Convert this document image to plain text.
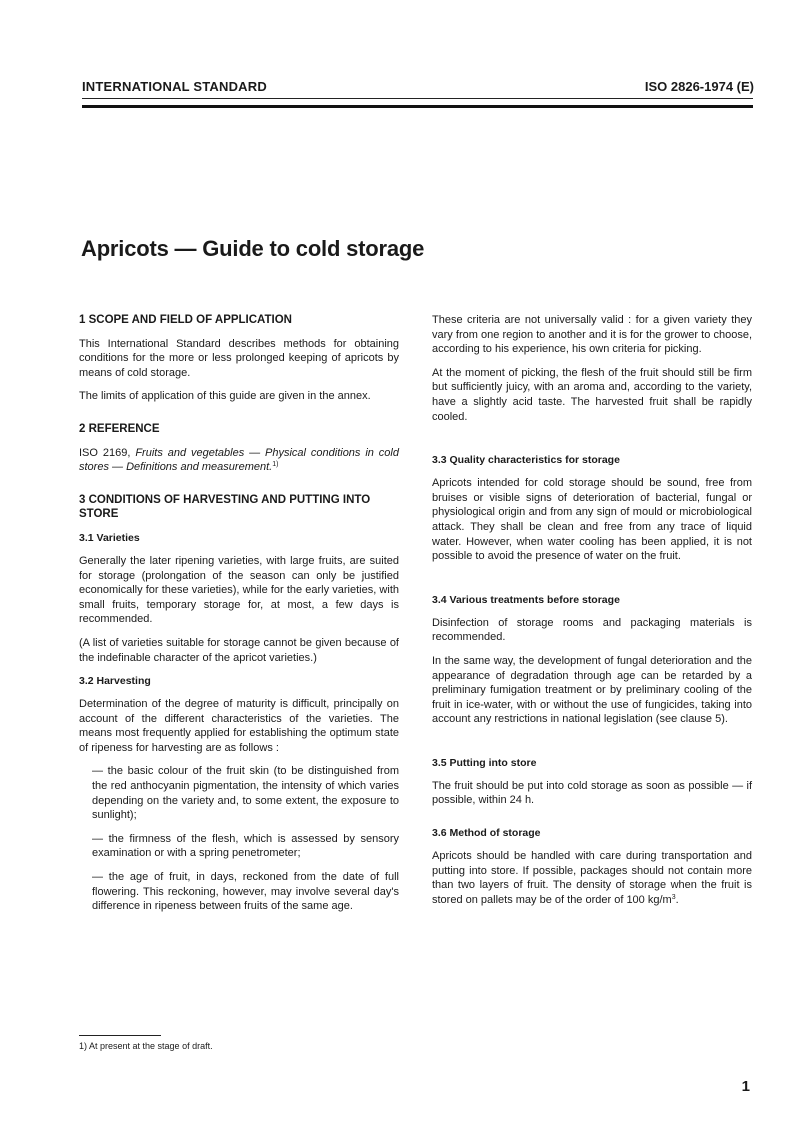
INTERNATIONAL STANDARD	ISO 2826-1974 (E)
Apricots — Guide to cold storage
1 SCOPE AND FIELD OF APPLICATION

This International Standard describes methods for obtaining conditions for the more or less prolonged keeping of apricots by means of cold storage.

The limits of application of this guide are given in the annex.

2 REFERENCE

ISO 2169, Fruits and vegetables — Physical conditions in cold stores — Definitions and measurement.$^{1)}$

3 CONDITIONS OF HARVESTING AND PUTTING INTO STORE
3.1 Varieties

Generally the later ripening varieties, with large fruits, are suited for storage (prolongation of the season can only be justified economically for these varieties), while for the early varieties, with small fruits, temporary storage for, at most, a few days is recommended.

(A list of varieties suitable for storage cannot be given because of the indefinable character of the apricot varieties.)

3.2 Harvesting

Determination of the degree of maturity is difficult, principally on account of the different characteristics of the varieties. The means most frequently applied for establishing the optimum state of ripeness for harvesting are as follows :

— the basic colour of the fruit skin (to be distinguished from the red anthocyanin pigmentation, the intensity of which varies depending on the variety and, to some extent, the exposure to sunlight);

— the firmness of the flesh, which is assessed by sensory examination or with a spring penetrometer;

— the age of fruit, in days, reckoned from the date of full flowering. This reckoning, however, may involve several day's difference in ripeness between fruits of the same age.

These criteria are not universally valid : for a given variety they vary from one region to another and it is for the grower to choose, according to his experience, his own criteria for picking.

At the moment of picking, the flesh of the fruit should still be firm but sufficiently juicy, with an aroma and, according to the variety, have a slightly acid taste. The harvested fruit shall be rapidly cooled.

3.3 Quality characteristics for storage

Apricots intended for cold storage should be sound, free from bruises or visible signs of deterioration of bacterial, fungal or physiological origin and from any sign of mould or microbiological attack. They shall be clean and free from any trace of liquid water. However, when water cooling has been applied, it is not possible to avoid the presence of water on the fruit.

3.4 Various treatments before storage

Disinfection of storage rooms and packaging materials is recommended.

In the same way, the development of fungal deterioration and the appearance of degradation through age can be retarded by a preliminary fumigation treatment or by preliminary cooling of the fruit in ice-water, with or without the use of fungicides, taking into account any restrictions in national legislation (see clause 5).

3.5 Putting into store

The fruit should be put into cold storage as soon as possible — if possible, within 24 h.

3.6 Method of storage

Apricots should be handled with care during transportation and putting into store. If possible, packages should not contain more than two layers of fruit. The density of storage when the fruit is stored on pallets may be of the order of 100 $kg/m^3$.

1) At present at the stage of draft.
1
